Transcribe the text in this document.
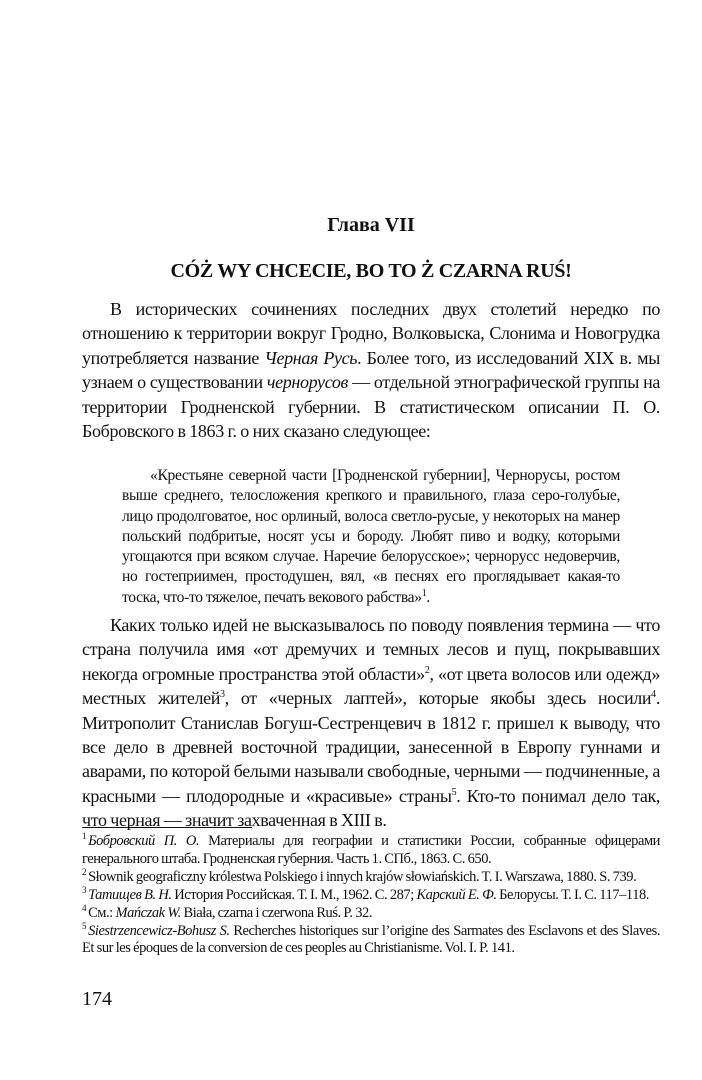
Глава VII
CÓŻ WY CHCECIE, BO TO Ż CZARNA RUŚ!

В исторических сочинениях последних двух столетий нередко по отношению к территории вокруг Гродно, Волковыска, Слонима и Новогрудка употребляется название Черная Русь. Более того, из исследований XIX в. мы узнаем о существовании чернорусов — отдельной этнографической группы на территории Гродненской губернии. В статистическом описании П. О. Бобровского в 1863 г. о них сказано следующее:

«Крестьяне северной части [Гродненской губернии], Чернорусы, ростом выше среднего, телосложения крепкого и правильного, глаза серо-голубые, лицо продолговатое, нос орлиный, волоса светло-русые, у некоторых на манер польский подбритые, носят усы и бороду. Любят пиво и водку, которыми угощаются при всяком случае. Наречие белорусское»; чернорусс недоверчив, но гостеприимен, простодушен, вял, «в песнях его проглядывает какая-то тоска, что-то тяжелое, печать векового рабства»$^1$.

Каких только идей не высказывалось по поводу появления термина — что страна получила имя «от дремучих и темных лесов и пущ, покрывавших некогда огромные пространства этой области»$^2$, «от цвета волосов или одежд» местных жителей$^3$, от «черных лаптей», которые якобы здесь носили$^4$. Митрополит Станислав Богуш-Сестренцевич в 1812 г. пришел к выводу, что все дело в древней восточной традиции, занесенной в Европу гуннами и аварами, по которой белыми называли свободные, черными — подчиненные, а красными — плодородные и «красивые» страны$^5$. Кто-то понимал дело так, что черная — значит захваченная в XIII в.

$^1$ Бобровский П. О. Материалы для географии и статистики России, собранные офицерами генерального штаба. Гродненская губерния. Часть 1. СПб., 1863. С. 650.

$^2$ Słownik geograficzny królestwa Polskiego i innych krajów słowiańskich. T. I. Warszawa, 1880. S. 739.

$^3$ Татищев В. Н. История Российская. Т. I. М., 1962. С. 287; Карский Е. Ф. Белорусы. Т. I. С. 117–118.

$^4$ См.: Mańczak W. Biała, czarna i czerwona Ruś. P. 32.

$^5$ Siestrzencewicz-Bohusz S. Recherches historiques sur l’origine des Sarmates des Esclavons et des Slaves. Et sur les époques de la conversion de ces peoples au Christianisme. Vol. I. P. 141.

174
